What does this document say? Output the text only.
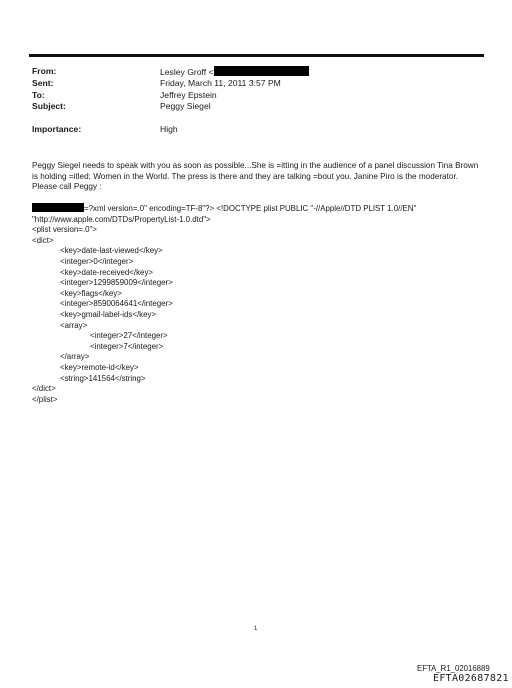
From:	Lesley Groff <
Sent:	Friday, March 11, 2011 3:57 PM
To:	Jeffrey Epstein
Subject:	Peggy Siegel
Importance:	High

Peggy Siegel needs to speak with you as soon as possible...She is =itting in the audience of a panel discussion Tina Brown

is holding =itled: Women in the World. The press is there and they are talking =bout you. Janine Piro is the moderator.

Please call Peggy :

=?xml version=.0" encoding=TF-8"?> <!DOCTYPE plist PUBLIC "-//Apple//DTD PLIST 1.0//EN"
"http://www.apple.com/DTDs/PropertyList-1.0.dtd">
<plist version=.0">
<dict>
<key>date-last-viewed</key>
<integer>0</integer>
<key>date-received</key>
<integer>1299859009</integer>
<key>flags</key>
<integer>8590064641</integer>
<key>gmail-label-ids</key>
<array>
<integer>27</integer>
<integer>7</integer>
</array>
<key>remote-id</key>
<string>141564</string>
</dict>
</plist>
1
EFTA_R1_02016889
EFTA02687821
